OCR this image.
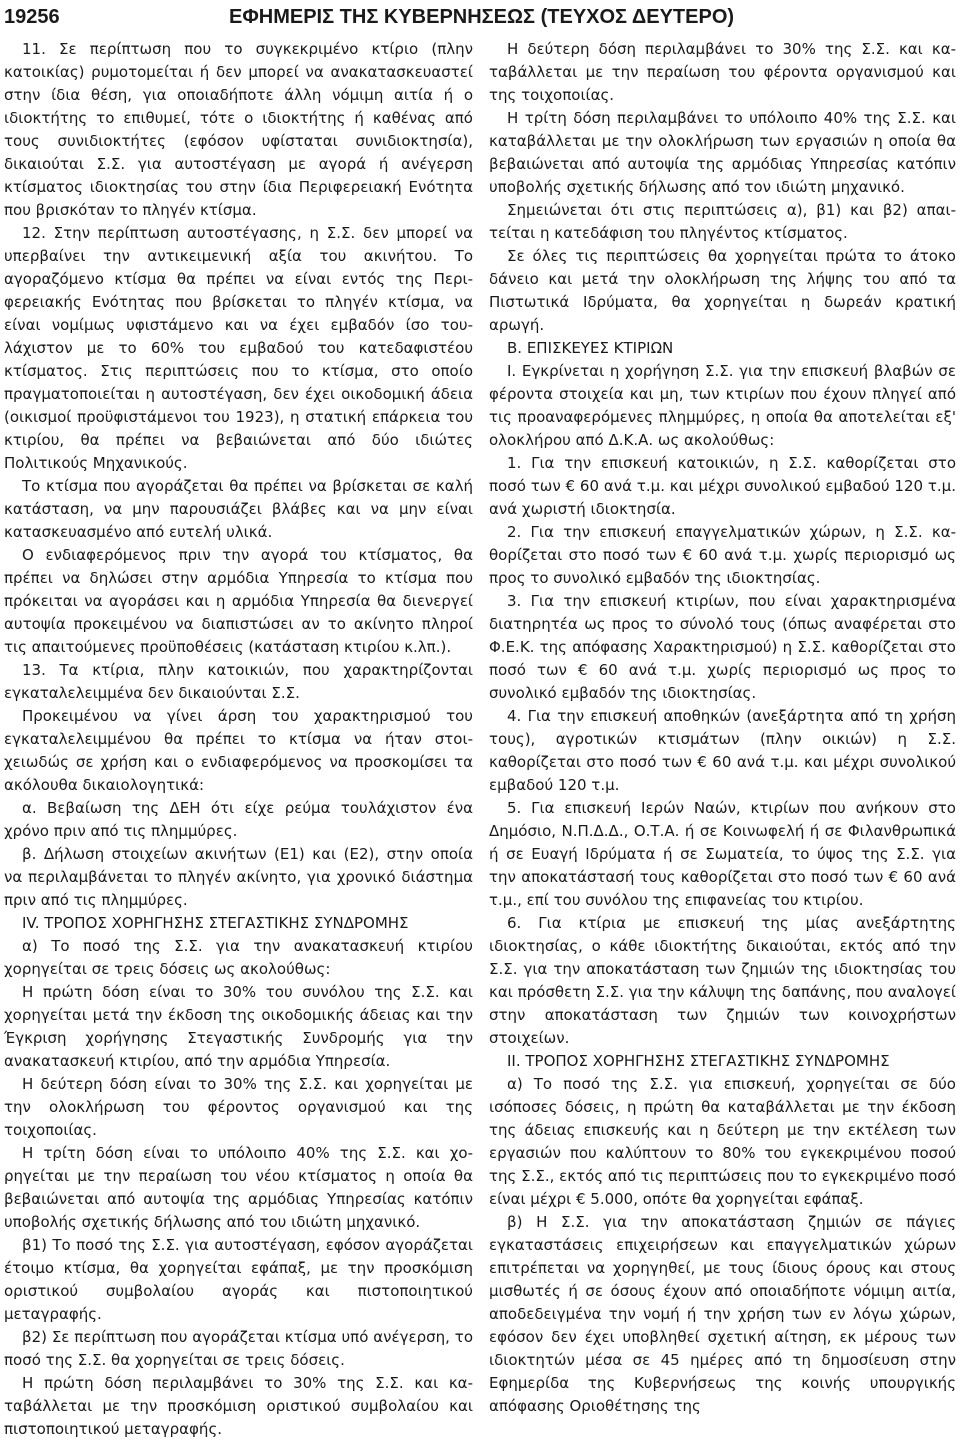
19256	ΕΦΗΜΕΡΙΣ ΤΗΣ ΚΥΒΕΡΝΗΣΕΩΣ (ΤΕΥΧΟΣ ΔΕΥΤΕΡΟ)

11. Σε περίπτωση που το συγκεκριμένο κτίριο (πλην κατοικίας) ρυμοτομείται ή δεν μπορεί να ανακατασκευαστεί στην ίδια θέση, για οποιαδήποτε άλλη νόμιμη αιτία ή ο ιδιοκτήτης το επιθυμεί, τότε ο ιδιοκτήτης ή καθένας από τους συνιδιοκτήτες (εφόσον υφίσταται συνιδιοκτησία), δικαιούται Σ.Σ. για αυτοστέγαση με αγορά ή ανέγερση κτίσματος ιδιοκτησίας του στην ίδια Περιφερειακή Ενότητα που βρισκόταν το πληγέν κτίσμα.

12. Στην περίπτωση αυτοστέγασης, η Σ.Σ. δεν μπορεί να υπερβαίνει την αντικειμενική αξία του ακινήτου. Το αγοραζόμενο κτίσμα θα πρέπει να είναι εντός της Περιφερειακής Ενότητας που βρίσκεται το πληγέν κτίσμα, να είναι νομίμως υφιστάμενο και να έχει εμβαδόν ίσο τουλάχιστον με το 60% του εμβαδού του κατεδαφιστέου κτίσματος. Στις περιπτώσεις που το κτίσμα, στο οποίο πραγματοποιείται η αυτοστέγαση, δεν έχει οικοδομική άδεια (οικισμοί προϋφιστάμενοι του 1923), η στατική επάρκεια του κτιρίου, θα πρέπει να βεβαιώνεται από δύο ιδιώτες Πολιτικούς Μηχανικούς.

Το κτίσμα που αγοράζεται θα πρέπει να βρίσκεται σε καλή κατάσταση, να μην παρουσιάζει βλάβες και να μην είναι κατασκευασμένο από ευτελή υλικά.

Ο ενδιαφερόμενος πριν την αγορά του κτίσματος, θα πρέπει να δηλώσει στην αρμόδια Υπηρεσία το κτίσμα που πρόκειται να αγοράσει και η αρμόδια Υπηρεσία θα διενεργεί αυτοψία προκειμένου να διαπιστώσει αν το ακίνητο πληροί τις απαιτούμενες προϋποθέσεις (κατάσταση κτιρίου κ.λπ.).

13. Τα κτίρια, πλην κατοικιών, που χαρακτηρίζονται εγκαταλελειμμένα δεν δικαιούνται Σ.Σ.

Προκειμένου να γίνει άρση του χαρακτηρισμού του εγκαταλελειμμένου θα πρέπει το κτίσμα να ήταν στοιχειωδώς σε χρήση και ο ενδιαφερόμενος να προσκομίσει τα ακόλουθα δικαιολογητικά:

α. Βεβαίωση της ΔΕΗ ότι είχε ρεύμα τουλάχιστον ένα χρόνο πριν από τις πλημμύρες.

β. Δήλωση στοιχείων ακινήτων (Ε1) και (Ε2), στην οποία να περιλαμβάνεται το πληγέν ακίνητο, για χρονικό διάστημα πριν από τις πλημμύρες.

IV. ΤΡΟΠΟΣ ΧΟΡΗΓΗΣΗΣ ΣΤΕΓΑΣΤΙΚΗΣ ΣΥΝΔΡΟΜΗΣ

α) Το ποσό της Σ.Σ. για την ανακατασκευή κτιρίου χορηγείται σε τρεις δόσεις ως ακολούθως:

Η πρώτη δόση είναι το 30% του συνόλου της Σ.Σ. και χορηγείται μετά την έκδοση της οικοδομικής άδειας και την Έγκριση χορήγησης Στεγαστικής Συνδρομής για την ανακατασκευή κτιρίου, από την αρμόδια Υπηρεσία.

Η δεύτερη δόση είναι το 30% της Σ.Σ. και χορηγείται με την ολοκλήρωση του φέροντος οργανισμού και της τοιχοποιίας.

Η τρίτη δόση είναι το υπόλοιπο 40% της Σ.Σ. και χορηγείται με την περαίωση του νέου κτίσματος η οποία θα βεβαιώνεται από αυτοψία της αρμόδιας Υπηρεσίας κατόπιν υποβολής σχετικής δήλωσης από του ιδιώτη μηχανικό.

β1) Το ποσό της Σ.Σ. για αυτοστέγαση, εφόσον αγοράζεται έτοιμο κτίσμα, θα χορηγείται εφάπαξ, με την προσκόμιση οριστικού συμβολαίου αγοράς και πιστοποιητικού μεταγραφής.

β2) Σε περίπτωση που αγοράζεται κτίσμα υπό ανέγερση, το ποσό της Σ.Σ. θα χορηγείται σε τρεις δόσεις.

Η πρώτη δόση περιλαμβάνει το 30% της Σ.Σ. και καταβάλλεται με την προσκόμιση οριστικού συμβολαίου και πιστοποιητικού μεταγραφής.

Η δεύτερη δόση περιλαμβάνει το 30% της Σ.Σ. και καταβάλλεται με την περαίωση του φέροντα οργανισμού και της τοιχοποιίας.

Η τρίτη δόση περιλαμβάνει το υπόλοιπο 40% της Σ.Σ. και καταβάλλεται με την ολοκλήρωση των εργασιών η οποία θα βεβαιώνεται από αυτοψία της αρμόδιας Υπηρεσίας κατόπιν υποβολής σχετικής δήλωσης από τον ιδιώτη μηχανικό.

Σημειώνεται ότι στις περιπτώσεις α), β1) και β2) απαιτείται η κατεδάφιση του πληγέντος κτίσματος.

Σε όλες τις περιπτώσεις θα χορηγείται πρώτα το άτοκο δάνειο και μετά την ολοκλήρωση της λήψης του από τα Πιστωτικά Ιδρύματα, θα χορηγείται η δωρεάν κρατική αρωγή.

Β. ΕΠΙΣΚΕΥΕΣ ΚΤΙΡΙΩΝ

Ι. Εγκρίνεται η χορήγηση Σ.Σ. για την επισκευή βλαβών σε φέροντα στοιχεία και μη, των κτιρίων που έχουν πληγεί από τις προαναφερόμενες πλημμύρες, η οποία θα αποτελείται εξ' ολοκλήρου από Δ.Κ.Α. ως ακολούθως:

1. Για την επισκευή κατοικιών, η Σ.Σ. καθορίζεται στο ποσό των € 60 ανά τ.μ. και μέχρι συνολικού εμβαδού 120 τ.μ. ανά χωριστή ιδιοκτησία.

2. Για την επισκευή επαγγελματικών χώρων, η Σ.Σ. καθορίζεται στο ποσό των € 60 ανά τ.μ. χωρίς περιορισμό ως προς το συνολικό εμβαδόν της ιδιοκτησίας.

3. Για την επισκευή κτιρίων, που είναι χαρακτηρισμένα διατηρητέα ως προς το σύνολό τους (όπως αναφέρεται στο Φ.Ε.Κ. της απόφασης Χαρακτηρισμού) η Σ.Σ. καθορίζεται στο ποσό των € 60 ανά τ.μ. χωρίς περιορισμό ως προς το συνολικό εμβαδόν της ιδιοκτησίας.

4. Για την επισκευή αποθηκών (ανεξάρτητα από τη χρήση τους), αγροτικών κτισμάτων (πλην οικιών) η Σ.Σ. καθορίζεται στο ποσό των € 60 ανά τ.μ. και μέχρι συνολικού εμβαδού 120 τ.μ.

5. Για επισκευή Ιερών Ναών, κτιρίων που ανήκουν στο Δημόσιο, Ν.Π.Δ.Δ., Ο.Τ.Α. ή σε Κοινωφελή ή σε Φιλανθρωπικά ή σε Ευαγή Ιδρύματα ή σε Σωματεία, το ύψος της Σ.Σ. για την αποκατάστασή τους καθορίζεται στο ποσό των € 60 ανά τ.μ., επί του συνόλου της επιφανείας του κτιρίου.

6. Για κτίρια με επισκευή της μίας ανεξάρτητης ιδιοκτησίας, ο κάθε ιδιοκτήτης δικαιούται, εκτός από την Σ.Σ. για την αποκατάσταση των ζημιών της ιδιοκτησίας του και πρόσθετη Σ.Σ. για την κάλυψη της δαπάνης, που αναλογεί στην αποκατάσταση των ζημιών των κοινοχρήστων στοιχείων.

ΙΙ. ΤΡΟΠΟΣ ΧΟΡΗΓΗΣΗΣ ΣΤΕΓΑΣΤΙΚΗΣ ΣΥΝΔΡΟΜΗΣ

α) Το ποσό της Σ.Σ. για επισκευή, χορηγείται σε δύο ισόποσες δόσεις, η πρώτη θα καταβάλλεται με την έκδοση της άδειας επισκευής και η δεύτερη με την εκτέλεση των εργασιών που καλύπτουν το 80% του εγκεκριμένου ποσού της Σ.Σ., εκτός από τις περιπτώσεις που το εγκεκριμένο ποσό είναι μέχρι € 5.000, οπότε θα χορηγείται εφάπαξ.

β) Η Σ.Σ. για την αποκατάσταση ζημιών σε πάγιες εγκαταστάσεις επιχειρήσεων και επαγγελματικών χώρων επιτρέπεται να χορηγηθεί, με τους ίδιους όρους και στους μισθωτές ή σε όσους έχουν από οποιαδήποτε νόμιμη αιτία, αποδεδειγμένα την νομή ή την χρήση των εν λόγω χώρων, εφόσον δεν έχει υποβληθεί σχετική αίτηση, εκ μέρους των ιδιοκτητών μέσα σε 45 ημέρες από τη δημοσίευση στην Εφημερίδα της Κυβερνήσεως της κοινής υπουργικής απόφασης Οριοθέτησης της
